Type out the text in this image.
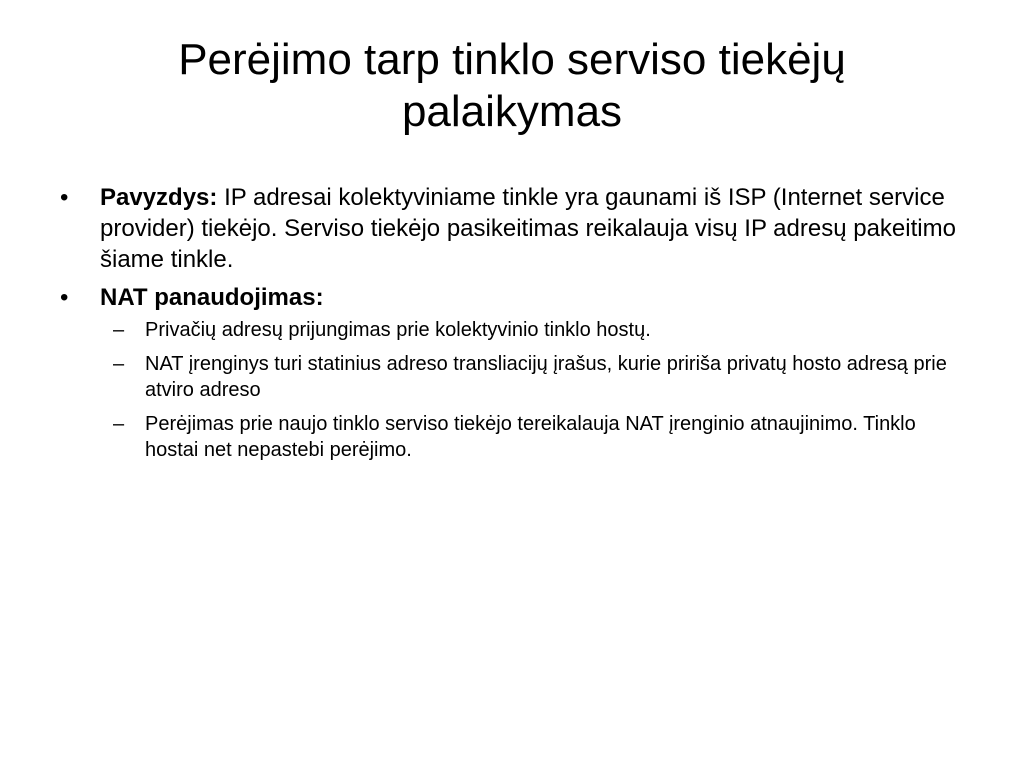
Perėjimo tarp tinklo serviso tiekėjų
palaikymas
• Pavyzdys: IP adresai kolektyviniame tinkle yra gaunami iš ISP (Internet service provider) tiekėjo. Serviso tiekėjo pasikeitimas reikalauja visų IP adresų pakeitimo šiame tinkle.
• NAT panaudojimas:
– Privačių adresų prijungimas prie kolektyvinio tinklo hostų.
– NAT įrenginys turi statinius adreso transliacijų įrašus, kurie pririša privatų hosto adresą prie atviro adreso
– Perėjimas prie naujo tinklo serviso tiekėjo tereikalauja NAT įrenginio atnaujinimo. Tinklo hostai net nepastebi perėjimo.
